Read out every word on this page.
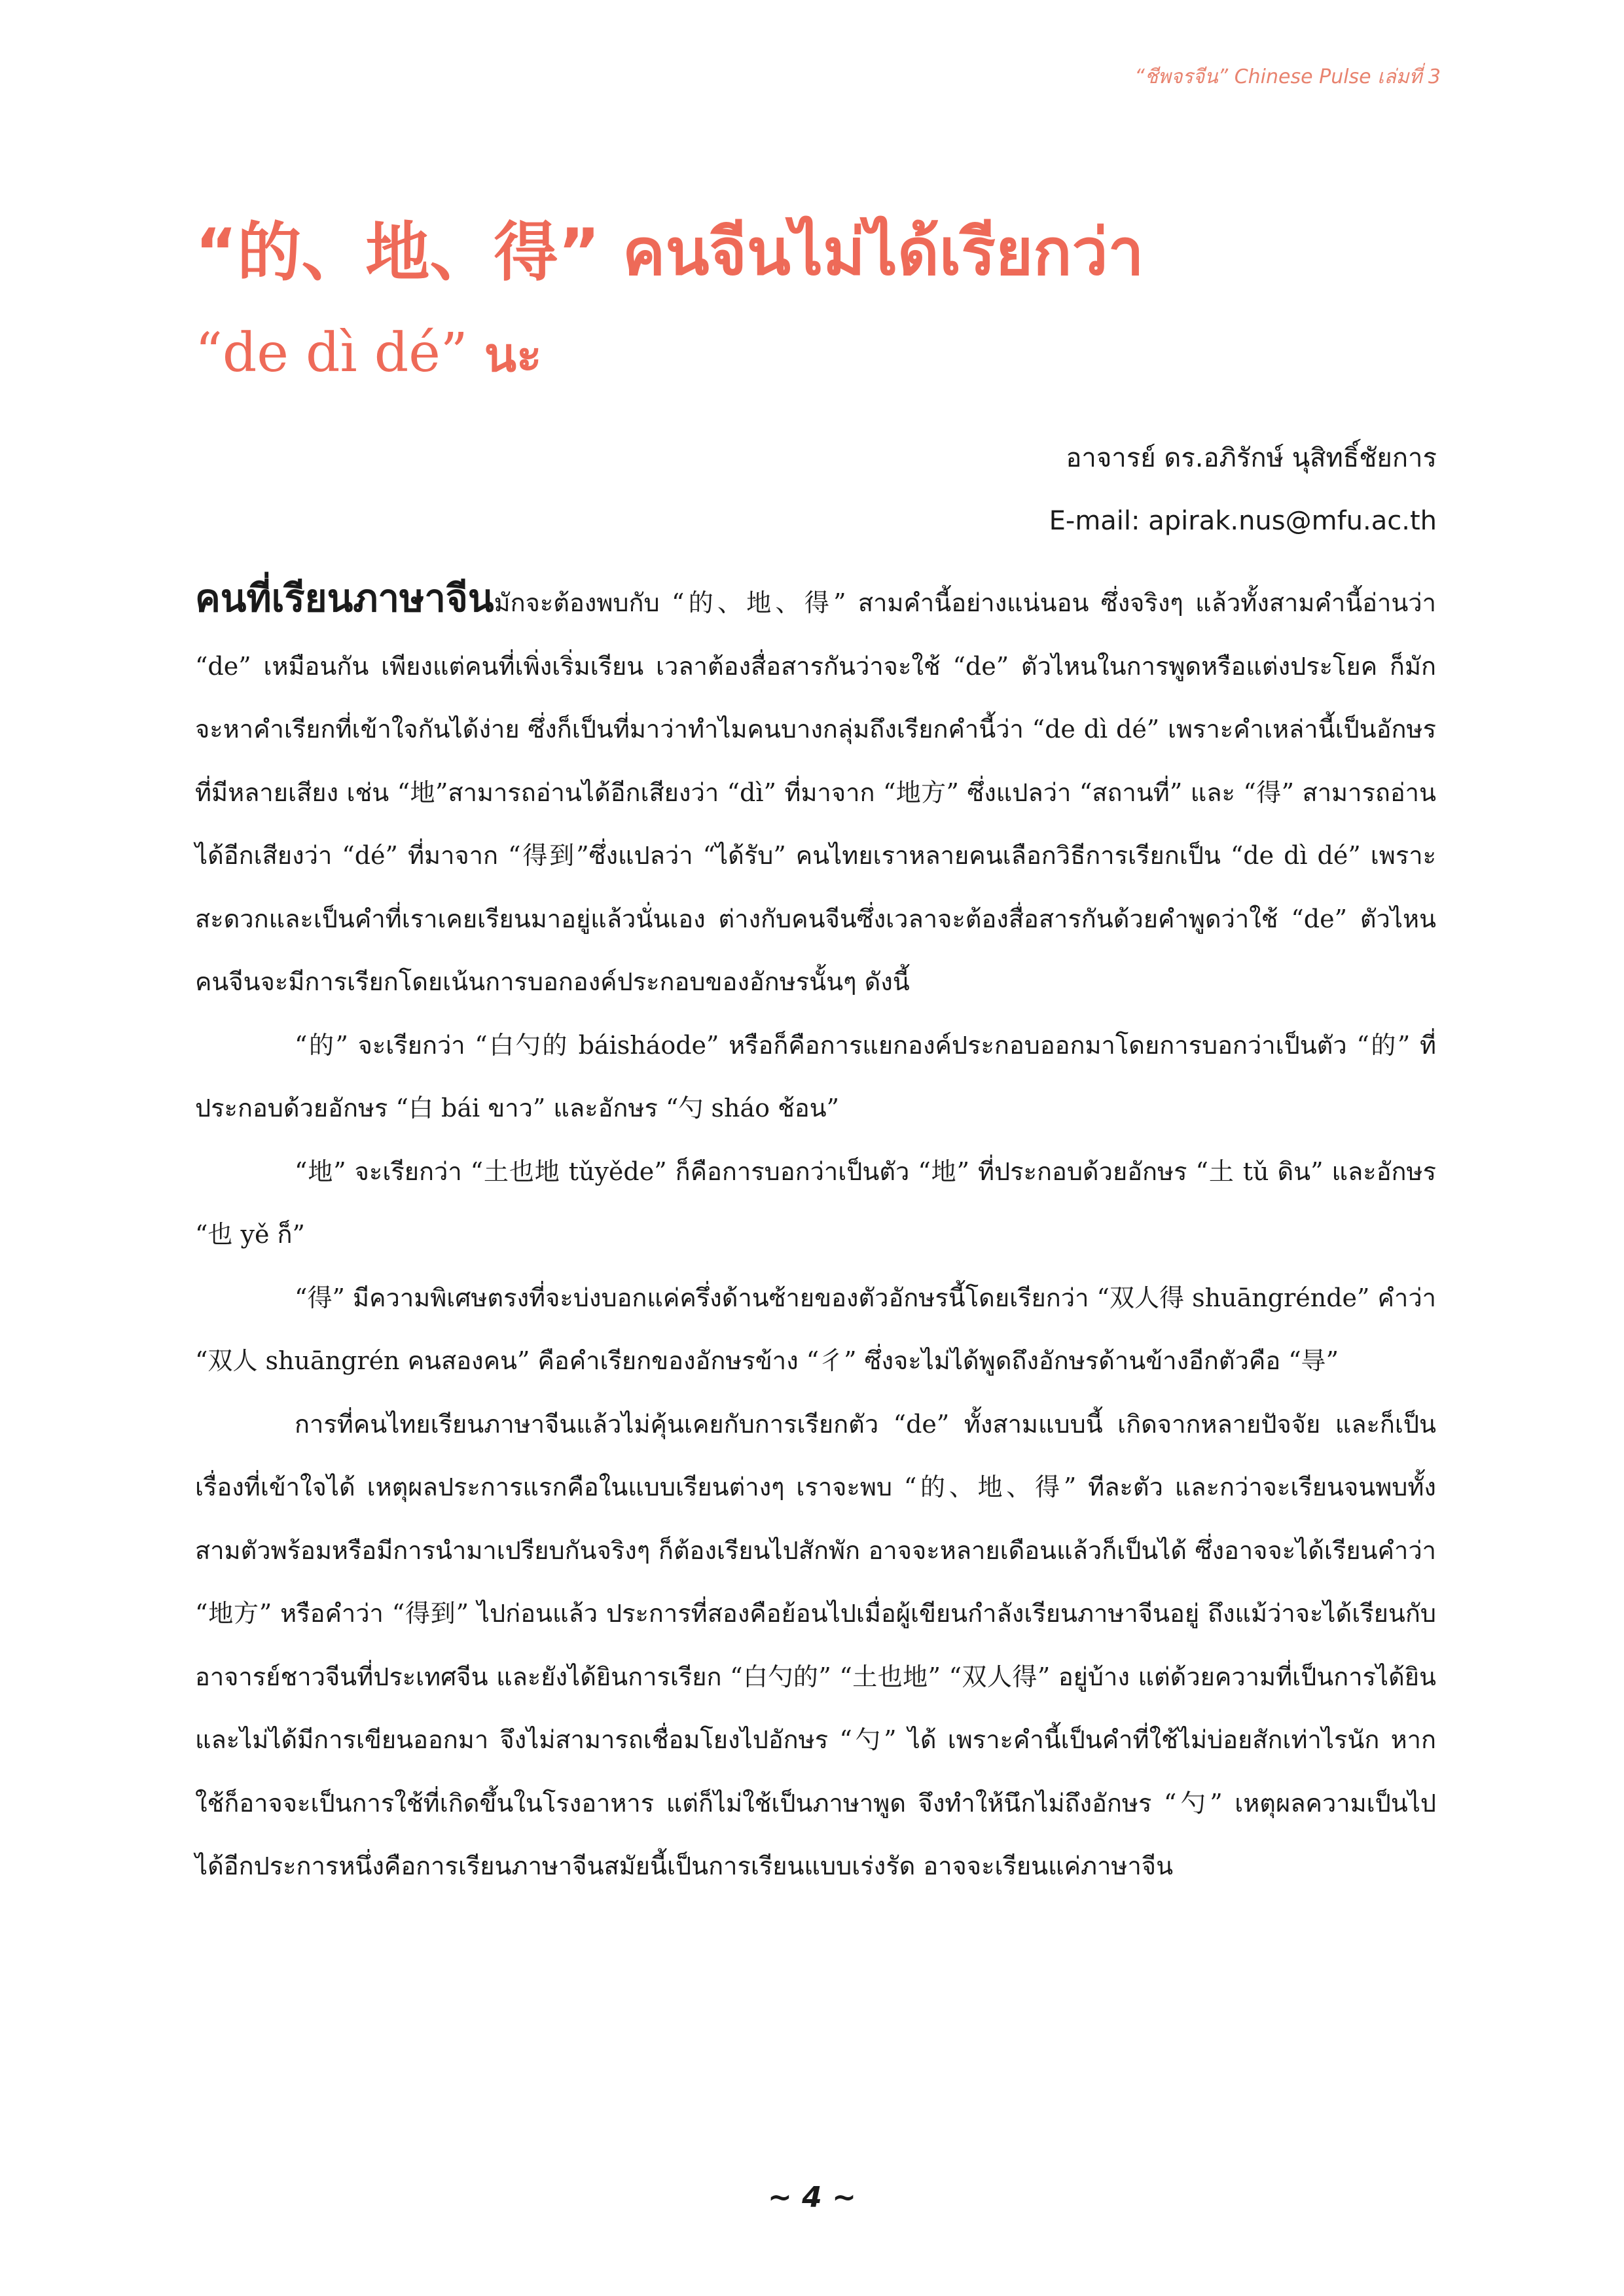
“ชีพจรจีน” Chinese Pulse เล่มที่ 3
“的、地、得” คนจีนไม่ได้เรียกว่า
“de dì dé” นะ
อาจารย์ ดร.อภิรักษ์ นุสิทธิ์ชัยการ
E-mail: apirak.nus@mfu.ac.th

คนที่เรียนภาษาจีนมักจะต้องพบกับ “的、地、得” สามคำนี้อย่างแน่นอน ซึ่งจริงๆ แล้วทั้งสามคำนี้อ่านว่า “de” เหมือนกัน เพียงแต่คนที่เพิ่งเริ่มเรียน เวลาต้องสื่อสารกันว่าจะใช้ “de” ตัวไหนในการพูดหรือแต่งประโยค ก็มักจะหาคำเรียกที่เข้าใจกันได้ง่าย ซึ่งก็เป็นที่มาว่าทำไมคนบางกลุ่มถึงเรียกคำนี้ว่า “de dì dé” เพราะคำเหล่านี้เป็นอักษรที่มีหลายเสียง เช่น “地”สามารถอ่านได้อีกเสียงว่า “dì” ที่มาจาก “地方” ซึ่งแปลว่า “สถานที่” และ “得” สามารถอ่านได้อีกเสียงว่า “dé” ที่มาจาก “得到”ซึ่งแปลว่า “ได้รับ” คนไทยเราหลายคนเลือกวิธีการเรียกเป็น “de dì dé” เพราะสะดวกและเป็นคำที่เราเคยเรียนมาอยู่แล้วนั่นเอง ต่างกับคนจีนซึ่งเวลาจะต้องสื่อสารกันด้วยคำพูดว่าใช้ “de” ตัวไหน คนจีนจะมีการเรียกโดยเน้นการบอกองค์ประกอบของอักษรนั้นๆ ดังนี้

“的” จะเรียกว่า “白勺的 báisháode” หรือก็คือการแยกองค์ประกอบออกมาโดยการบอกว่าเป็นตัว “的” ที่ประกอบด้วยอักษร “白 bái ขาว” และอักษร “勺 sháo ช้อน”

“地” จะเรียกว่า “土也地 tǔyěde” ก็คือการบอกว่าเป็นตัว “地” ที่ประกอบด้วยอักษร “土 tǔ ดิน” และอักษร “也 yě ก็”

“得” มีความพิเศษตรงที่จะบ่งบอกแค่ครึ่งด้านซ้ายของตัวอักษรนี้โดยเรียกว่า “双人得 shuāngrénde” คำว่า “双人 shuāngrén คนสองคน” คือคำเรียกของอักษรข้าง “彳” ซึ่งจะไม่ได้พูดถึงอักษรด้านข้างอีกตัวคือ “㝵”

การที่คนไทยเรียนภาษาจีนแล้วไม่คุ้นเคยกับการเรียกตัว “de” ทั้งสามแบบนี้ เกิดจากหลายปัจจัย และก็เป็นเรื่องที่เข้าใจได้ เหตุผลประการแรกคือในแบบเรียนต่างๆ เราจะพบ “的、地、得” ทีละตัว และกว่าจะเรียนจนพบทั้งสามตัวพร้อมหรือมีการนำมาเปรียบกันจริงๆ ก็ต้องเรียนไปสักพัก อาจจะหลายเดือนแล้วก็เป็นได้ ซึ่งอาจจะได้เรียนคำว่า “地方” หรือคำว่า “得到” ไปก่อนแล้ว ประการที่สองคือย้อนไปเมื่อผู้เขียนกำลังเรียนภาษาจีนอยู่ ถึงแม้ว่าจะได้เรียนกับอาจารย์ชาวจีนที่ประเทศจีน และยังได้ยินการเรียก “白勺的” “土也地” “双人得” อยู่บ้าง แต่ด้วยความที่เป็นการได้ยิน และไม่ได้มีการเขียนออกมา จึงไม่สามารถเชื่อมโยงไปอักษร “勺” ได้ เพราะคำนี้เป็นคำที่ใช้ไม่บ่อยสักเท่าไรนัก หากใช้ก็อาจจะเป็นการใช้ที่เกิดขึ้นในโรงอาหาร แต่ก็ไม่ใช้เป็นภาษาพูด จึงทำให้นึกไม่ถึงอักษร “勺” เหตุผลความเป็นไปได้อีกประการหนึ่งคือการเรียนภาษาจีนสมัยนี้เป็นการเรียนแบบเร่งรัด อาจจะเรียนแค่ภาษาจีน

~ 4 ~
